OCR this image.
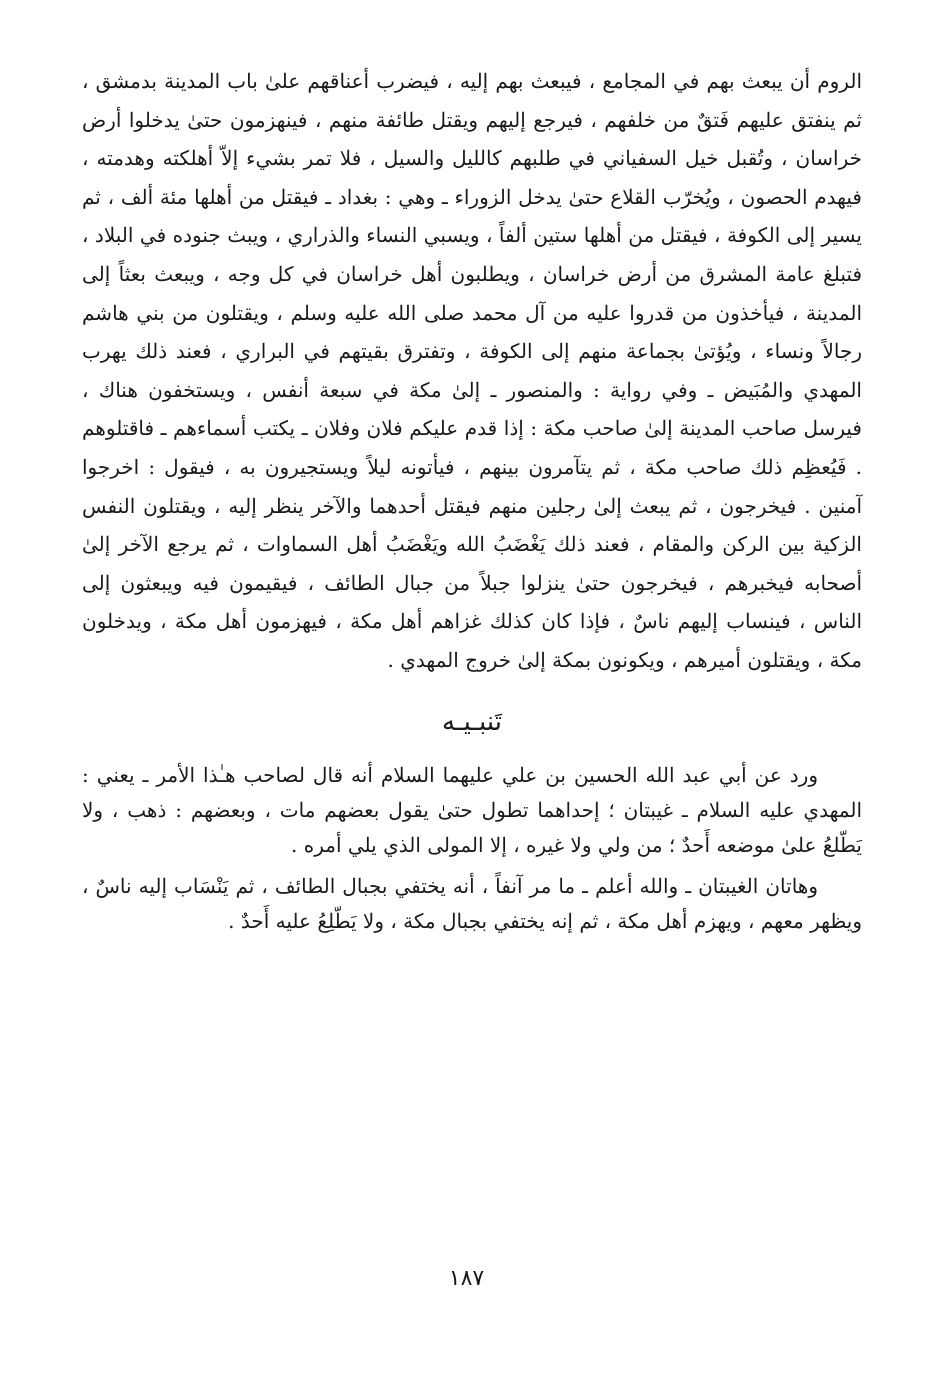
الروم أن يبعث بهم في المجامع ، فيبعث بهم إليه ، فيضرب أعناقهم علىٰ باب المدينة بدمشق ، ثم ينفتق عليهم فَتقٌ من خلفهم ، فيرجع إليهم ويقتل طائفة منهم ، فينهزمون حتىٰ يدخلوا أرض خراسان ، وتُقبل خيل السفياني في طلبهم كالليل والسيل ، فلا تمر بشيء إلاّ أهلكته وهدمته ، فيهدم الحصون ، ويُخرّب القلاع حتىٰ يدخل الزوراء ـ وهي : بغداد ـ فيقتل من أهلها مئة ألف ، ثم يسير إلى الكوفة ، فيقتل من أهلها ستين ألفاً ، ويسبي النساء والذراري ، ويبث جنوده في البلاد ، فتبلغ عامة المشرق من أرض خراسان ، ويطلبون أهل خراسان في كل وجه ، ويبعث بعثاً إلى المدينة ، فيأخذون من قدروا عليه من آل محمد صلى الله عليه وسلم ، ويقتلون من بني هاشم رجالاً ونساء ، ويُؤتىٰ بجماعة منهم إلى الكوفة ، وتفترق بقيتهم في البراري ، فعند ذلك يهرب المهدي والمُبَيض ـ وفي رواية : والمنصور ـ إلىٰ مكة في سبعة أنفس ، ويستخفون هناك ، فيرسل صاحب المدينة إلىٰ صاحب مكة : إذا قدم عليكم فلان وفلان ـ يكتب أسماءهم ـ فاقتلوهم . فَيُعظِم ذلك صاحب مكة ، ثم يتآمرون بينهم ، فيأتونه ليلاً ويستجيرون به ، فيقول : اخرجوا آمنين . فيخرجون ، ثم يبعث إلىٰ رجلين منهم فيقتل أحدهما والآخر ينظر إليه ، ويقتلون النفس الزكية بين الركن والمقام ، فعند ذلك يَغْضَبُ الله ويَغْضَبُ أهل السماوات ، ثم يرجع الآخر إلىٰ أصحابه فيخبرهم ، فيخرجون حتىٰ ينزلوا جبلاً من جبال الطائف ، فيقيمون فيه ويبعثون إلى الناس ، فينساب إليهم ناسٌ ، فإذا كان كذلك غزاهم أهل مكة ، فيهزمون أهل مكة ، ويدخلون مكة ، ويقتلون أميرهم ، ويكونون بمكة إلىٰ خروج المهدي .

تَنبـيـه

ورد عن أبي عبد الله الحسين بن علي عليهما السلام أنه قال لصاحب هـٰذا الأمر ـ يعني : المهدي عليه السلام ـ غيبتان ؛ إحداهما تطول حتىٰ يقول بعضهم مات ، وبعضهم : ذهب ، ولا يَطّلعُ علىٰ موضعه أَحدٌ ؛ من ولي ولا غيره ، إلا المولى الذي يلي أمره .

وهاتان الغيبتان ـ والله أعلم ـ ما مر آنفاً ، أنه يختفي بجبال الطائف ، ثم يَنْسَاب إليه ناسٌ ، ويظهر معهم ، ويهزم أهل مكة ، ثم إنه يختفي بجبال مكة ، ولا يَطّلِعُ عليه أَحدٌ .

١٨٧
